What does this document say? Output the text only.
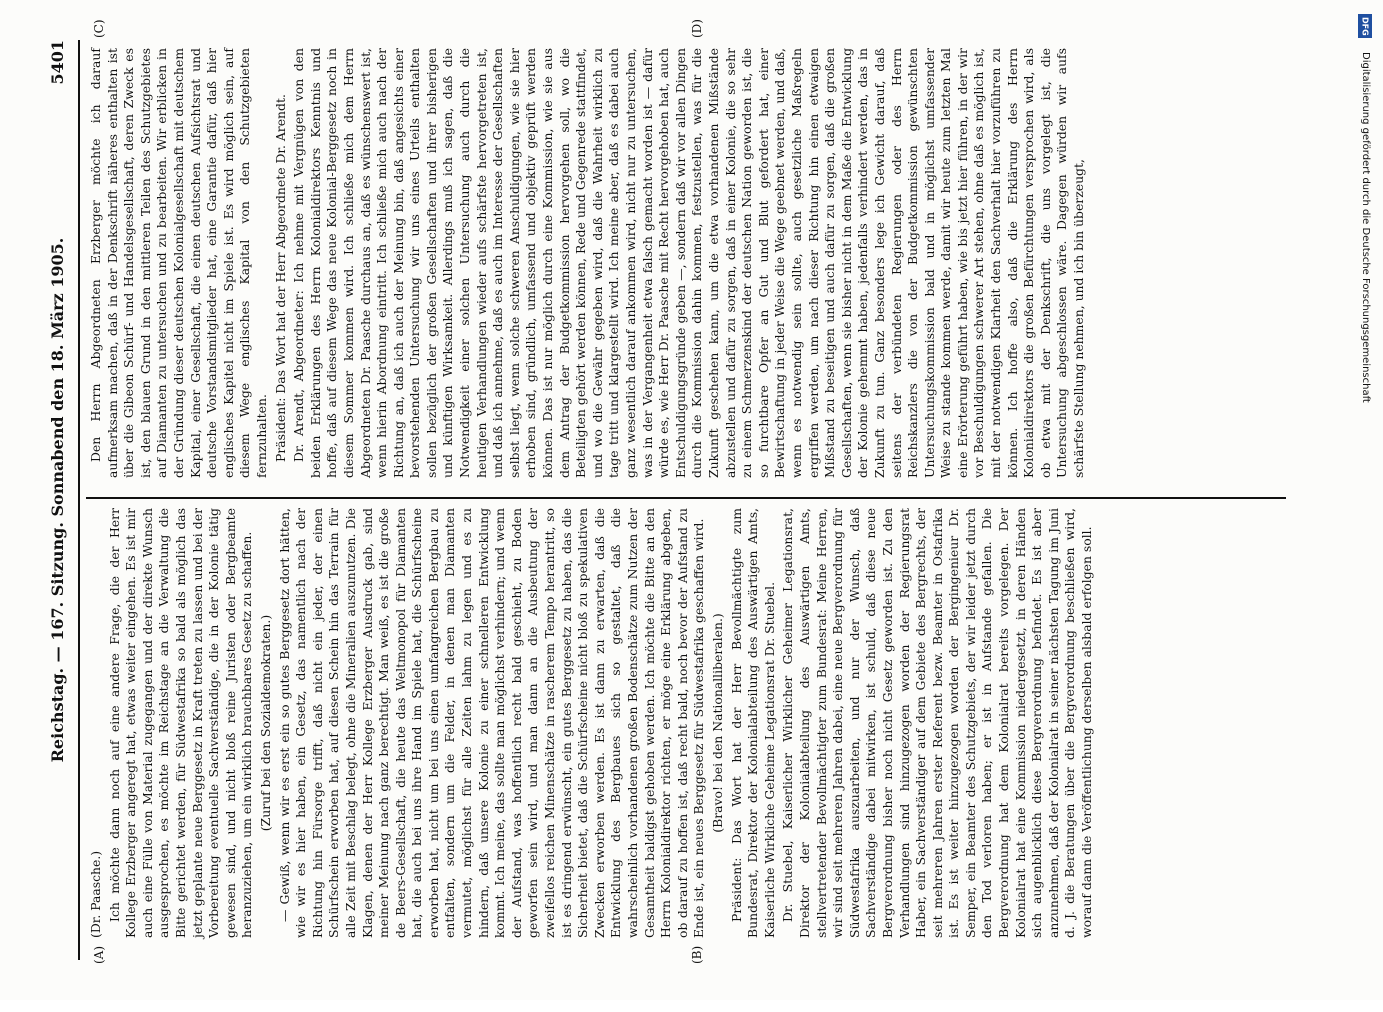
Reichstag. — 167. Sitzung. Sonnabend den 18. März 1905.
5401
(A)	(B)
(C)	(D)

(Dr. Paasche.) Ich möchte dann noch auf eine andere Frage, die der Herr Kollege Erzberger angeregt hat, etwas weiter eingehen. Es ist mir auch eine Fülle von Material zugegangen und der direkte Wunsch ausgesprochen, es möchte im Reichstage an die Verwaltung die Bitte gerichtet werden, für Südwestafrika so bald als möglich das jetzt geplante neue Berggesetz in Kraft treten zu lassen und bei der Vorbereitung eventuelle Sachverständige, die in der Kolonie tätig gewesen sind, und nicht bloß reine Juristen oder Bergbeamte heranzuziehen, um ein wirklich brauchbares Gesetz zu schaffen. (Zuruf bei den Sozialdemokraten.) — Gewiß, wenn wir es erst ein so gutes Berggesetz dort hätten, wie wir es hier haben, ein Gesetz, das namentlich nach der Richtung hin Fürsorge trifft, daß nicht ein jeder, der einen Schürfschein erworben hat, auf diesen Schein hin das Terrain für alle Zeit mit Beschlag belegt, ohne die Mineralien auszunutzen. Die Klagen, denen der Herr Kollege Erzberger Ausdruck gab, sind meiner Meinung nach ganz berechtigt. Man weiß, es ist die große de Beers-Gesellschaft, die heute das Weltmonopol für Diamanten hat, die auch bei uns ihre Hand im Spiele hat, die Schürfscheine erworben hat, nicht um bei uns einen umfangreichen Bergbau zu entfalten, sondern um die Felder, in denen man Diamanten vermutet, möglichst für alle Zeiten lahm zu legen und es zu hindern, daß unsere Kolonie zu einer schnelleren Entwicklung kommt. Ich meine, das sollte man möglichst verhindern; und wenn der Aufstand, was hoffentlich recht bald geschieht, zu Boden geworfen sein wird, und man dann an die Ausbeutung der zweifellos reichen Minenschätze in rascherem Tempo herantritt, so ist es dringend erwünscht, ein gutes Berggesetz zu haben, das die Sicherheit bietet, daß die Schürfscheine nicht bloß zu spekulativen Zwecken erworben werden. Es ist dann zu erwarten, daß die Entwicklung des Bergbaues sich so gestaltet, daß die wahrscheinlich vorhandenen großen Bodenschätze zum Nutzen der Gesamtheit baldigst gehoben werden. Ich möchte die Bitte an den Herrn Kolonialdirektor richten, er möge eine Erklärung abgeben, ob darauf zu hoffen ist, daß recht bald, noch bevor der Aufstand zu Ende ist, ein neues Berggesetz für Südwestafrika geschaffen wird. (Bravo! bei den Nationalliberalen.) Präsident: Das Wort hat der Herr Bevollmächtigte zum Bundesrat, Direktor der Kolonialabteilung des Auswärtigen Amts, Kaiserliche Wirkliche Geheime Legationsrat Dr. Stuebel. Dr. Stuebel, Kaiserlicher Wirklicher Geheimer Legationsrat, Direktor der Kolonialabteilung des Auswärtigen Amts, stellvertretender Bevollmächtigter zum Bundesrat: Meine Herren, wir sind seit mehreren Jahren dabei, eine neue Bergverordnung für Südwestafrika auszuarbeiten, und nur der Wunsch, daß Sachverständige dabei mitwirken, ist schuld, daß diese neue Bergverordnung bisher noch nicht Gesetz geworden ist. Zu den Verhandlungen sind hinzugezogen worden der Regierungsrat Haber, ein Sachverständiger auf dem Gebiete des Bergrechts, der seit mehreren Jahren erster Referent bezw. Beamter in Ostafrika ist. Es ist weiter hinzugezogen worden der Bergingenieur Dr. Semper, ein Beamter des Schutzgebiets, der wir leider jetzt durch den Tod verloren haben; er ist in Aufstande gefallen. Die Bergverordnung hat dem Kolonialrat bereits vorgelegen. Der Kolonialrat hat eine Kommission niedergesetzt, in deren Händen sich augenblicklich diese Bergverordnung befindet. Es ist aber anzunehmen, daß der Kolonialrat in seiner nächsten Tagung im Juni d. J. die Beratungen über die Bergverordnung beschließen wird, worauf dann die Veröffentlichung derselben alsbald erfolgen soll.

Den Herrn Abgeordneten Erzberger möchte ich darauf aufmerksam machen, daß in der Denkschrift näheres enthalten ist über die Gibeon Schürf- und Handelsgesellschaft, deren Zweck es ist, den blauen Grund in den mittleren Teilen des Schutzgebietes auf Diamanten zu untersuchen und zu bearbeiten. Wir erblicken in der Gründung dieser deutschen Kolonialgesellschaft mit deutschem Kapital, einer Gesellschaft, die einen deutschen Aufsichtsrat und deutsche Vorstandsmitglieder hat, eine Garantie dafür, daß hier englisches Kapitel nicht im Spiele ist. Es wird möglich sein, auf diesem Wege englisches Kapital von den Schutzgebieten fernzuhalten. Präsident: Das Wort hat der Herr Abgeordnete Dr. Arendt. Dr. Arendt, Abgeordneter: Ich nehme mit Vergnügen von den beiden Erklärungen des Herrn Kolonialdirektors Kenntnis und hoffe, daß auf diesem Wege das neue Kolonial-Berggesetz noch in diesem Sommer kommen wird. Ich schließe mich dem Herrn Abgeordneten Dr. Paasche durchaus an, daß es wünschenswert ist, wenn hierin Abordnung eintritt. Ich schließe mich auch nach der Richtung an, daß ich auch der Meinung bin, daß angesichts einer bevorstehenden Untersuchung wir uns eines Urteils enthalten sollen bezüglich der großen Gesellschaften und ihrer bisherigen und künftigen Wirksamkeit. Allerdings muß ich sagen, daß die Notwendigkeit einer solchen Untersuchung auch durch die heutigen Verhandlungen wieder aufs schärfste hervorgetreten ist, und daß ich annehme, daß es auch im Interesse der Gesellschaften selbst liegt, wenn solche schweren Anschuldigungen, wie sie hier erhoben sind, gründlich, umfassend und objektiv geprüft werden können. Das ist nur möglich durch eine Kommission, wie sie aus dem Antrag der Budgetkommission hervorgehen soll, wo die Beteiligten gehört werden können, Rede und Gegenrede stattfindet, und wo die Gewähr gegeben wird, daß die Wahrheit wirklich zu tage tritt und klargestellt wird. Ich meine aber, daß es dabei auch ganz wesentlich darauf ankommen wird, nicht nur zu untersuchen, was in der Vergangenheit etwa falsch gemacht worden ist — dafür würde es, wie Herr Dr. Paasche mit Recht hervorgehoben hat, auch Entschuldigungsgründe geben —, sondern daß wir vor allen Dingen durch die Kommission dahin kommen, festzustellen, was für die Zukunft geschehen kann, um die etwa vorhandenen Mißstände abzustellen und dafür zu sorgen, daß in einer Kolonie, die so sehr zu einem Schmerzenskind der deutschen Nation geworden ist, die so furchtbare Opfer an Gut und Blut gefordert hat, einer Bewirtschaftung in jeder Weise die Wege geebnet werden, und daß, wenn es notwendig sein sollte, auch gesetzliche Maßregeln ergriffen werden, um nach dieser Richtung hin einen etwaigen Mißstand zu beseitigen und auch dafür zu sorgen, daß die großen Gesellschaften, wenn sie bisher nicht in dem Maße die Entwicklung der Kolonie gehemmt haben, jedenfalls verhindert werden, das in Zukunft zu tun. Ganz besonders lege ich Gewicht darauf, daß seitens der verbündeten Regierungen oder des Herrn Reichskanzlers die von der Budgetkommission gewünschten Untersuchungskommission bald und in möglichst umfassender Weise zu stande kommen werde, damit wir heute zum letzten Mal eine Erörterung geführt haben, wie bis jetzt hier führen, in der wir vor Beschuldigungen schwerer Art stehen, ohne daß es möglich ist, mit der notwendigen Klarheit den Sachverhalt hier vorzuführen zu können. Ich hoffe also, daß die Erklärung des Herrn Kolonialdirektors die großen Befürchtungen versprochen wird, als ob etwa mit der Denkschrift, die uns vorgelegt ist, die Untersuchung abgeschlossen wäre. Dagegen würden wir aufs schärfste Stellung nehmen, und ich bin überzeugt,

DFG
Digitalisierung gefördert durch die Deutsche Forschungsgemeinschaft
